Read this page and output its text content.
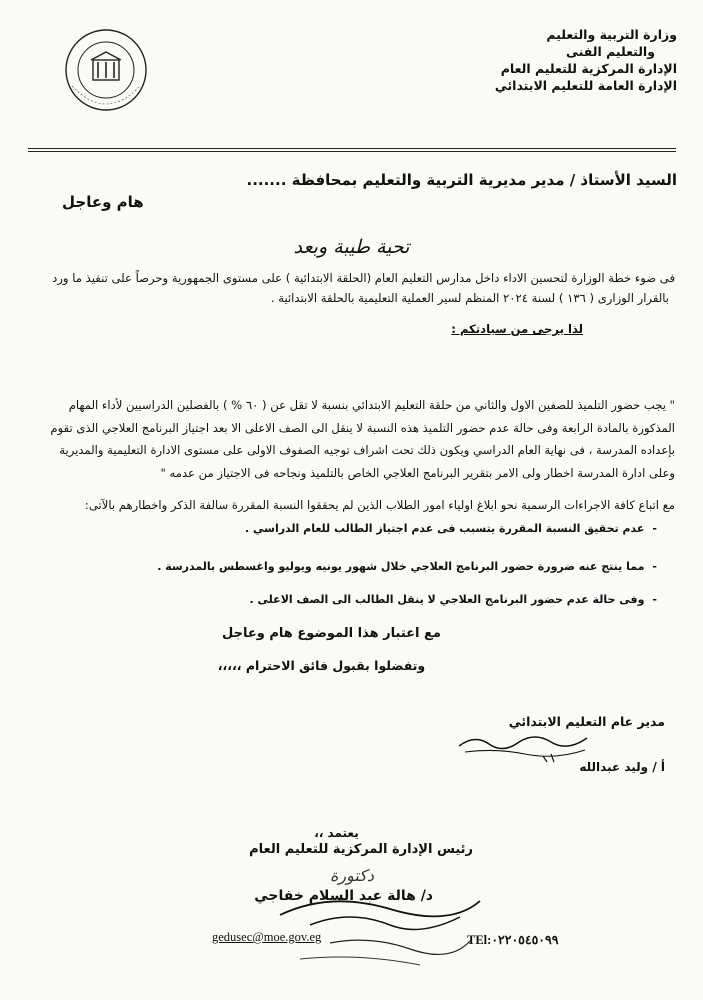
وزارة التربية والتعليم
والتعليم الفنى
الإدارة المركزية للتعليم العام
الإدارة العامة للتعليم الابتدائي
السيد الأستاذ / مدير مديرية التربية والتعليم بمحافظة .......
هام وعاجل
تحية طيبة وبعد
فى ضوء خطة الوزارة لتحسين الاداء داخل مدارس التعليم العام (الحلقة الابتدائية ) على مستوى الجمهورية وحرصاً على تنفيذ ما ورد
بالقرار الوزارى ( ١٣٦ ) لسنة ٢٠٢٤ المنظم لسير العملية التعليمية بالحلقة الابتدائية .
لذا يرجى من سيادتكم :
" يجب حضور التلميذ للصفين الاول والثاني من حلقة التعليم الابتدائي بنسبة لا تقل عن ( ٦٠ % ) بالفصلين الدراسيين لأداء المهام
المذكورة بالمادة الرابعة وفى حالة عدم حضور التلميذ هذه النسبة لا ينقل الى الصف الاعلى الا بعد اجتياز البرنامج العلاجي الذى تقوم
بإعداده المدرسة ، فى نهاية العام الدراسي ويكون ذلك تحت اشراف توجيه الصفوف الاولى على مستوى الادارة التعليمية والمديرية
وعلى ادارة المدرسة اخطار ولى الامر بتقرير البرنامج العلاجي الخاص بالتلميذ ونجاحه فى الاجتياز من عدمه "
مع اتباع كافة الاجراءات الرسمية نحو ابلاغ اولياء امور الطلاب الذين لم يحققوا النسبة المقررة سالفة الذكر واخطارهم بالآتى:
-عدم تحقيق النسبة المقررة يتسبب فى عدم اجتياز الطالب للعام الدراسي .
-مما ينتج عنه ضرورة حضور البرنامج العلاجي خلال شهور يونيه ويوليو واغسطس بالمدرسة .
-وفى حالة عدم حضور البرنامج العلاجي لا ينقل الطالب الى الصف الاعلى .
مع اعتبار هذا الموضوع هام وعاجل
وتفضلوا بقبول فائق الاحترام ،،،،،
مدير عام التعليم الابتدائي
أ / وليد عبدالله
يعتمد ،،
رئيس الإدارة المركزية للتعليم العام
دكتورة
د/ هالة عبد السلام خفاجي
gedusec@moe.gov.eg	TEl:٠٢٢٠٥٤٥٠٩٩
